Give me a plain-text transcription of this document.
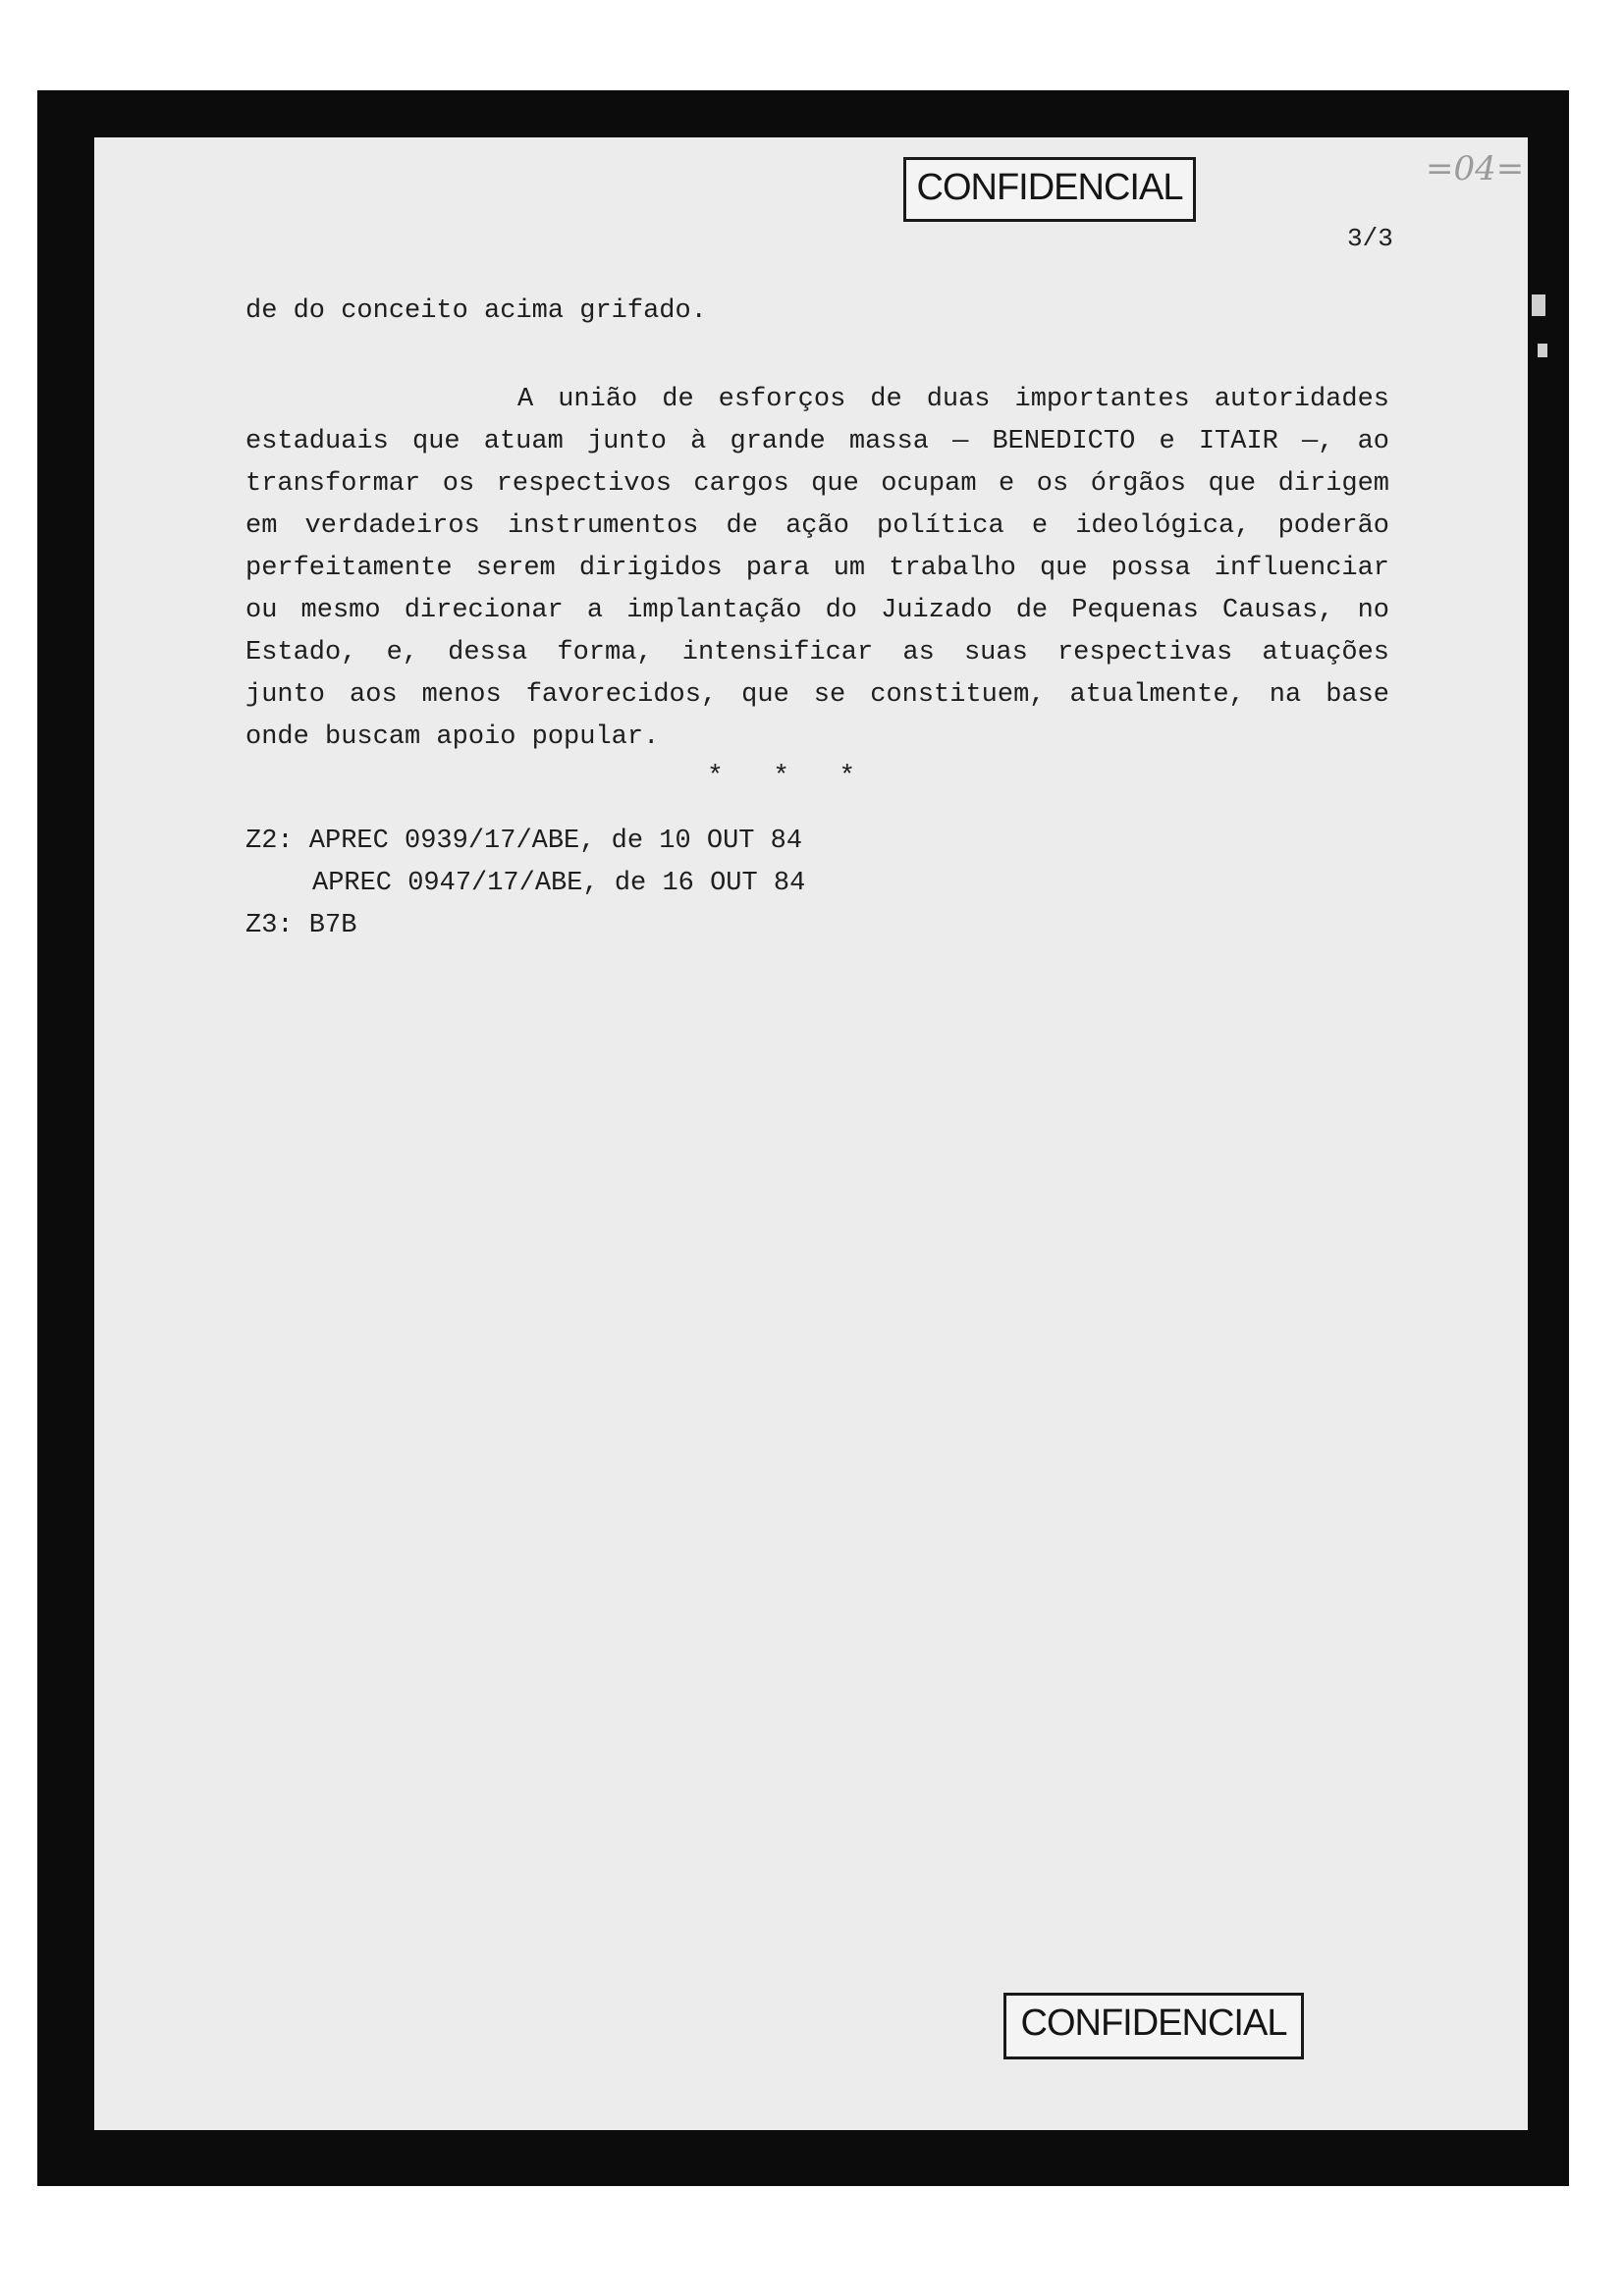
CONFIDENCIAL	=04=
3/3

de do conceito acima grifado.

A união de esforços de duas importantes autoridades

estaduais que atuam junto à grande massa — BENEDICTO e ITAIR —, ao

transformar os respectivos cargos que ocupam e os órgãos que dirigem

em verdadeiros instrumentos de ação política e ideológica, poderão

perfeitamente serem dirigidos para um trabalho que possa influenciar

ou mesmo direcionar a implantação do Juizado de Pequenas Causas, no

Estado, e, dessa forma, intensificar as suas respectivas atuações

junto aos menos favorecidos, que se constituem, atualmente, na base

onde buscam apoio popular.

*   *   *

Z2: APREC 0939/17/ABE, de 10 OUT 84

APREC 0947/17/ABE, de 16 OUT 84

Z3: B7B

CONFIDENCIAL
